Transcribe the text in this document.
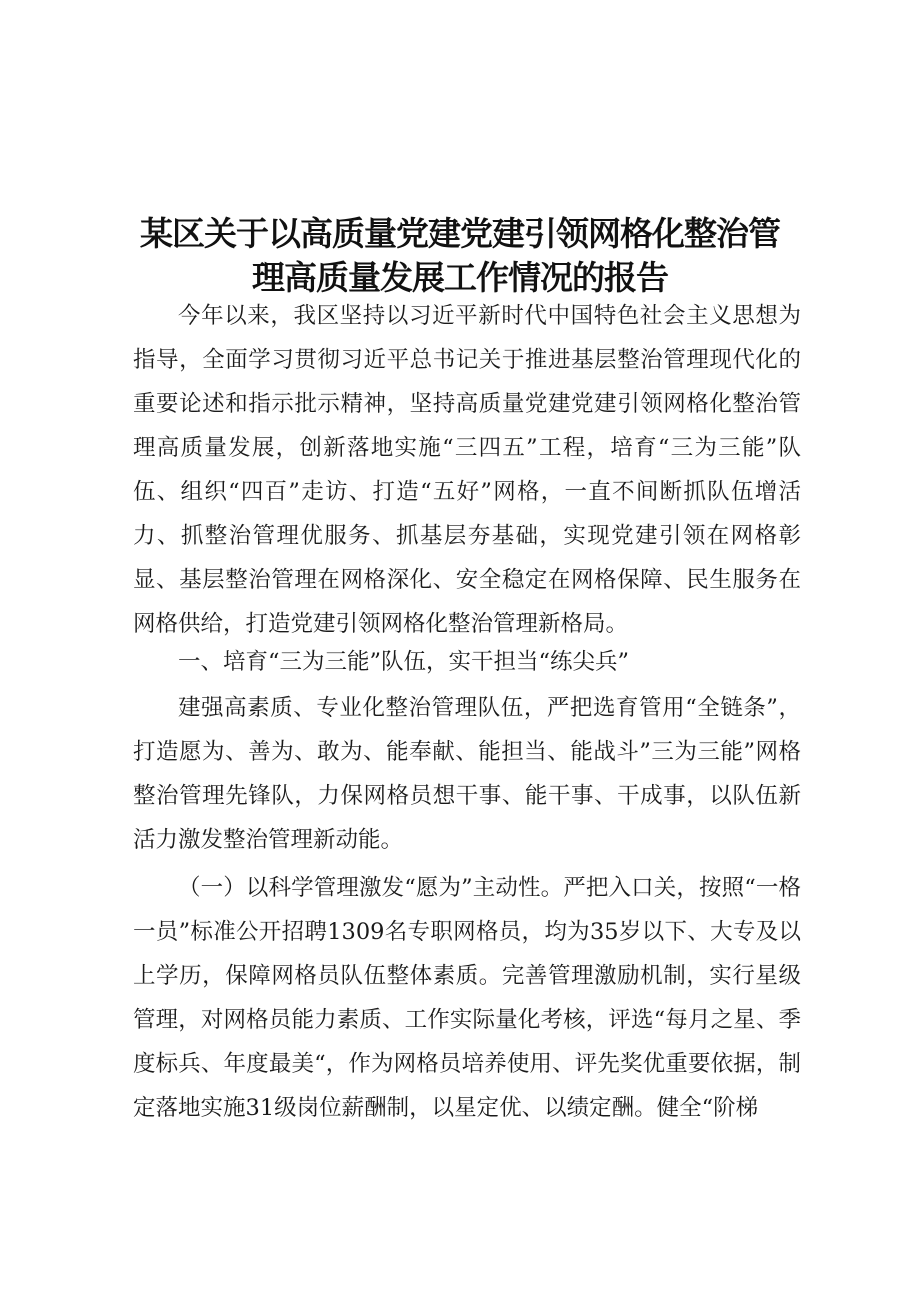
某区关于以高质量党建党建引领网格化整治管理高质量发展工作情况的报告

今年以来，我区坚持以习近平新时代中国特色社会主义思想为指导，全面学习贯彻习近平总书记关于推进基层整治管理现代化的重要论述和指示批示精神，坚持高质量党建党建引领网格化整治管理高质量发展，创新落地实施“三四五”工程，培育“三为三能”队伍、组织“四百”走访、打造“五好”网格，一直不间断抓队伍增活力、抓整治管理优服务、抓基层夯基础，实现党建引领在网格彰显、基层整治管理在网格深化、安全稳定在网格保障、民生服务在网格供给，打造党建引领网格化整治管理新格局。

一、培育“三为三能”队伍，实干担当“练尖兵”

建强高素质、专业化整治管理队伍，严把选育管用“全链条”，打造愿为、善为、敢为、能奉献、能担当、能战斗”三为三能”网格整治管理先锋队，力保网格员想干事、能干事、干成事，以队伍新活力激发整治管理新动能。

（一）以科学管理激发“愿为”主动性。严把入口关，按照“一格一员”标准公开招聘1309名专职网格员，均为35岁以下、大专及以上学历，保障网格员队伍整体素质。完善管理激励机制，实行星级管理，对网格员能力素质、工作实际量化考核，评选“每月之星、季度标兵、年度最美“，作为网格员培养使用、评先奖优重要依据，制定落地实施31级岗位薪酬制，以星定优、以绩定酬。健全“阶梯
